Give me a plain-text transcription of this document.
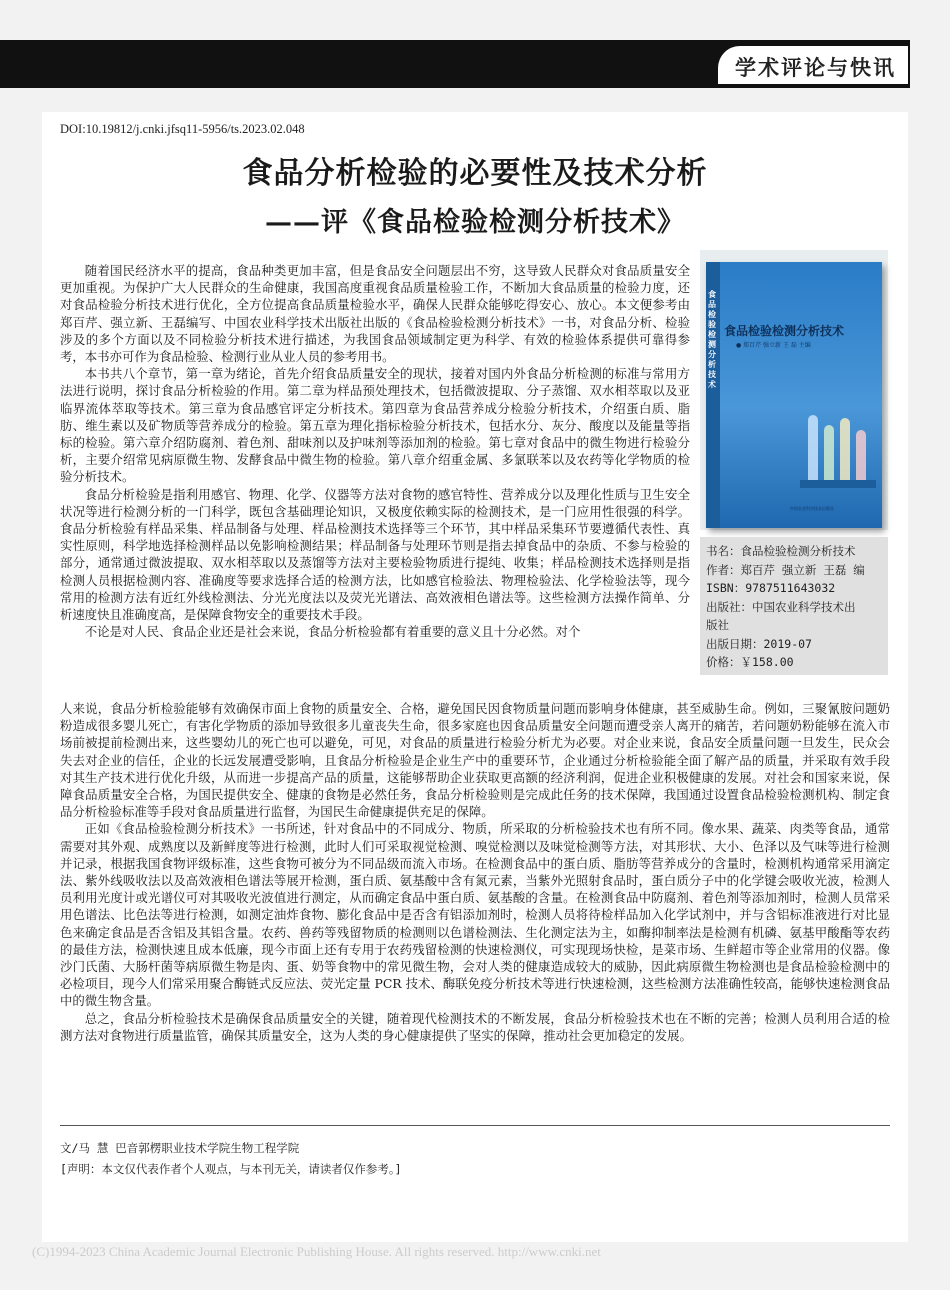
学术评论与快讯
DOI:10.19812/j.cnki.jfsq11-5956/ts.2023.02.048
食品分析检验的必要性及技术分析
——评《食品检验检测分析技术》

随着国民经济水平的提高，食品种类更加丰富，但是食品安全问题层出不穷，这导致人民群众对食品质量安全更加重视。为保护广大人民群众的生命健康，我国高度重视食品质量检验工作，不断加大食品质量的检验力度，还对食品检验分析技术进行优化，全方位提高食品质量检验水平，确保人民群众能够吃得安心、放心。本文便参考由郑百芹、强立新、王磊编写、中国农业科学技术出版社出版的《食品检验检测分析技术》一书，对食品分析、检验涉及的多个方面以及不同检验分析技术进行描述，为我国食品领域制定更为科学、有效的检验体系提供可靠得参考，本书亦可作为食品检验、检测行业从业人员的参考用书。

本书共八个章节，第一章为绪论，首先介绍食品质量安全的现状，接着对国内外食品分析检测的标准与常用方法进行说明，探讨食品分析检验的作用。第二章为样品预处理技术，包括微波提取、分子蒸馏、双水相萃取以及亚临界流体萃取等技术。第三章为食品感官评定分析技术。第四章为食品营养成分检验分析技术，介绍蛋白质、脂肪、维生素以及矿物质等营养成分的检验。第五章为理化指标检验分析技术，包括水分、灰分、酸度以及能量等指标的检验。第六章介绍防腐剂、着色剂、甜味剂以及护味剂等添加剂的检验。第七章对食品中的微生物进行检验分析，主要介绍常见病原微生物、发酵食品中微生物的检验。第八章介绍重金属、多氯联苯以及农药等化学物质的检验分析技术。

食品分析检验是指利用感官、物理、化学、仪器等方法对食物的感官特性、营养成分以及理化性质与卫生安全状况等进行检测分析的一门科学，既包含基础理论知识，又极度依赖实际的检测技术，是一门应用性很强的科学。食品分析检验有样品采集、样品制备与处理、样品检测技术选择等三个环节，其中样品采集环节要遵循代表性、真实性原则，科学地选择检测样品以免影响检测结果；样品制备与处理环节则是指去掉食品中的杂质、不参与检验的部分，通常通过微波提取、双水相萃取以及蒸馏等方法对主要检验物质进行提纯、收集；样品检测技术选择则是指检测人员根据检测内容、准确度等要求选择合适的检测方法，比如感官检验法、物理检验法、化学检验法等，现今常用的检测方法有近红外线检测法、分光光度法以及荧光光谱法、高效液相色谱法等。这些检测方法操作简单、分析速度快且准确度高，是保障食物安全的重要技术手段。

不论是对人民、食品企业还是社会来说，食品分析检验都有着重要的意义且十分必然。对个

人来说，食品分析检验能够有效确保市面上食物的质量安全、合格，避免国民因食物质量问题而影响身体健康，甚至威胁生命。例如，三聚氰胺问题奶粉造成很多婴儿死亡，有害化学物质的添加导致很多儿童丧失生命，很多家庭也因食品质量安全问题而遭受亲人离开的痛苦，若问题奶粉能够在流入市场前被提前检测出来，这些婴幼儿的死亡也可以避免，可见，对食品的质量进行检验分析尤为必要。对企业来说，食品安全质量问题一旦发生，民众会失去对企业的信任，企业的长远发展遭受影响，且食品分析检验是企业生产中的重要环节，企业通过分析检验能全面了解产品的质量，并采取有效手段对其生产技术进行优化升级，从而进一步提高产品的质量，这能够帮助企业获取更高额的经济利润，促进企业积极健康的发展。对社会和国家来说，保障食品质量安全合格，为国民提供安全、健康的食物是必然任务，食品分析检验则是完成此任务的技术保障，我国通过设置食品检验检测机构、制定食品分析检验标准等手段对食品质量进行监督，为国民生命健康提供充足的保障。

正如《食品检验检测分析技术》一书所述，针对食品中的不同成分、物质，所采取的分析检验技术也有所不同。像水果、蔬菜、肉类等食品，通常需要对其外观、成熟度以及新鲜度等进行检测，此时人们可采取视觉检测、嗅觉检测以及味觉检测等方法，对其形状、大小、色泽以及气味等进行检测并记录，根据我国食物评级标准，这些食物可被分为不同品级而流入市场。在检测食品中的蛋白质、脂肪等营养成分的含量时，检测机构通常采用滴定法、紫外线吸收法以及高效液相色谱法等展开检测，蛋白质、氨基酸中含有氮元素，当紫外光照射食品时，蛋白质分子中的化学键会吸收光波，检测人员利用光度计或光谱仪可对其吸收光波值进行测定，从而确定食品中蛋白质、氨基酸的含量。在检测食品中防腐剂、着色剂等添加剂时，检测人员常采用色谱法、比色法等进行检测，如测定油炸食物、膨化食品中是否含有铝添加剂时，检测人员将待检样品加入化学试剂中，并与含铝标准液进行对比显色来确定食品是否含铝及其铝含量。农药、兽药等残留物质的检测则以色谱检测法、生化测定法为主，如酶抑制率法是检测有机磷、氨基甲酸酯等农药的最佳方法，检测快速且成本低廉，现今市面上还有专用于农药残留检测的快速检测仪，可实现现场快检，是菜市场、生鲜超市等企业常用的仪器。像沙门氏菌、大肠杆菌等病原微生物是肉、蛋、奶等食物中的常见微生物，会对人类的健康造成较大的威胁，因此病原微生物检测也是食品检验检测中的必检项目，现今人们常采用聚合酶链式反应法、荧光定量 PCR 技术、酶联免疫分析技术等进行快速检测，这些检测方法准确性较高，能够快速检测食品中的微生物含量。

总之，食品分析检验技术是确保食品质量安全的关键，随着现代检测技术的不断发展，食品分析检验技术也在不断的完善；检测人员利用合适的检测方法对食物进行质量监管，确保其质量安全，这为人类的身心健康提供了坚实的保障，推动社会更加稳定的发展。

食品检验检测分析技术
食品检验检测分析技术
● 郑百芹 强立新 王 磊 主编
中国农业科学技术出版社
书名：食品检验检测分析技术
作者：郑百芹 强立新 王磊 编
ISBN：9787511643032
出版社：中国农业科学技术出
版社
出版日期：2019-07
价格：￥158.00
文/马 慧 巴音郭楞职业技术学院生物工程学院
[声明：本文仅代表作者个人观点，与本刊无关，请读者仅作参考。]
(C)1994-2023 China Academic Journal Electronic Publishing House. All rights reserved. http://www.cnki.net
